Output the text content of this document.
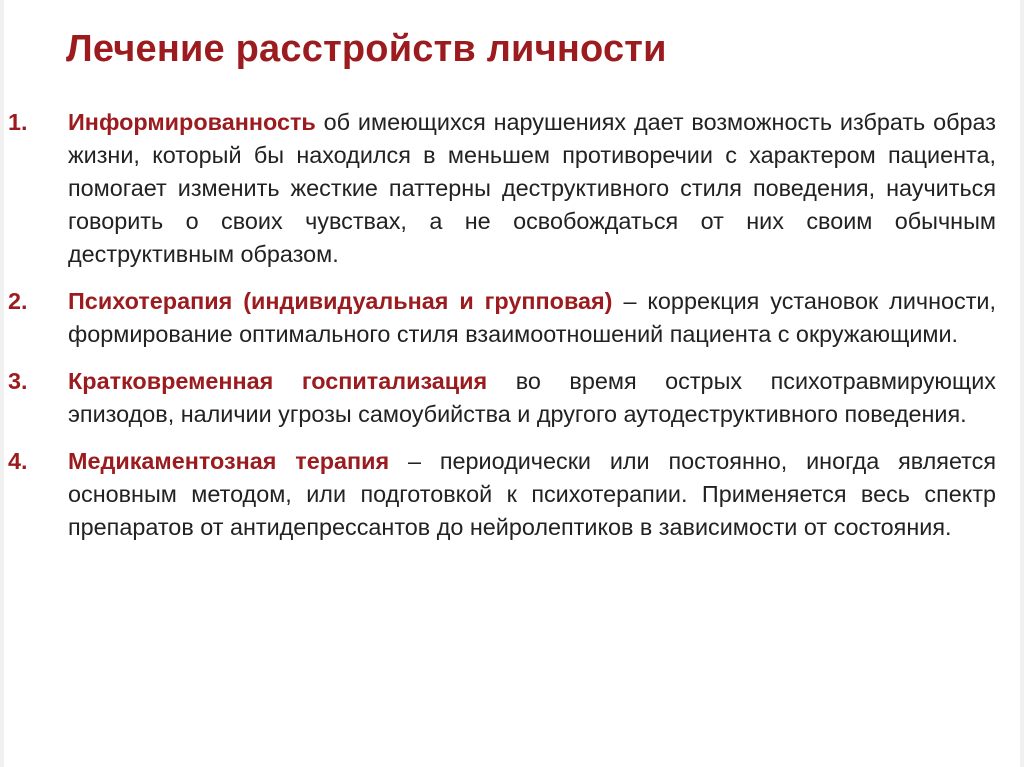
Лечение расстройств личности
1. Информированность об имеющихся нарушениях дает возможность избрать образ жизни, который бы находился в меньшем противоречии с характером пациента, помогает изменить жесткие паттерны деструктивного стиля поведения, научиться говорить о своих чувствах, а не освобождаться от них своим обычным деструктивным образом.
2. Психотерапия (индивидуальная и групповая) – коррекция установок личности, формирование оптимального стиля взаимоотношений пациента с окружающими.
3. Кратковременная госпитализация во время острых психотравмирующих эпизодов, наличии угрозы самоубийства и другого аутодеструктивного поведения.
4. Медикаментозная терапия – периодически или постоянно, иногда является основным методом, или подготовкой к психотерапии. Применяется весь спектр препаратов от антидепрессантов до нейролептиков в зависимости от состояния.
